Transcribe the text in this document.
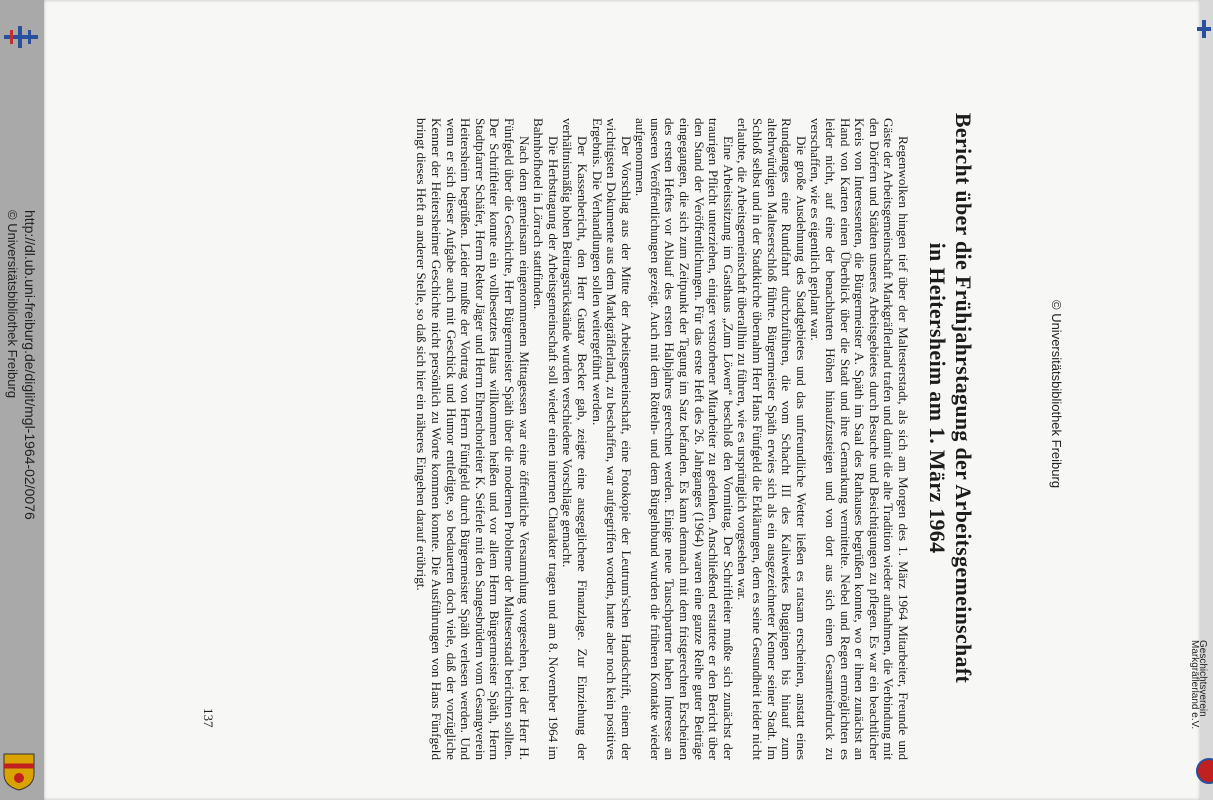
Bericht über die Frühjahrstagung der Arbeitsgemeinschaft
in Heitersheim am 1. März 1964

Regenwolken hingen tief über der Maltesterstadt, als sich am Morgen des 1. März 1964 Mitarbeiter, Freunde und Gäste der Arbeitsgemeinschaft Markgräflerland trafen und damit die alte Tradition wieder aufnahmen, die Verbindung mit den Dörfern und Städten unseres Arbeitsgebietes durch Besuche und Besichtigungen zu pflegen. Es war ein beachtlicher Kreis von Interessenten, die Bürgermeister A. Späth im Saal des Rathauses begrüßen konnte, wo er ihnen zunächst an Hand von Karten einen Überblick über die Stadt und ihre Gemarkung vermittelte. Nebel und Regen ermöglichten es leider nicht, auf eine der benachbarten Höhen hinaufzusteigen und von dort aus sich einen Gesamteindruck zu verschaffen, wie es eigentlich geplant war.

Die große Ausdehnung des Stadtgebietes und das unfreundliche Wetter ließen es ratsam erscheinen, anstatt eines Rundganges eine Rundfahrt durchzuführen, die vom Schacht III des Kaliwerkes Buggingen bis hinauf zum altehrwürdigen Malteserschloß führte. Bürgermeister Späth erwies sich als ein ausgezeichneter Kenner seiner Stadt. Im Schloß selbst und in der Stadtkirche übernahm Herr Hans Fünfgeld die Erklärungen, dem es seine Gesundheit leider nicht erlaubte, die Arbeitsgemeinschaft überallhin zu führen, wie es ursprünglich vorgesehen war.

Eine Arbeitssitzung im Gasthaus „Zum Löwen“ beschloß den Vormittag. Der Schriftleiter mußte sich zunächst der traurigen Pflicht unterziehen, einiger verstorbener Mitarbeiter zu gedenken. Anschließend erstattete er den Bericht über den Stand der Veröffentlichungen. Für das erste Heft des 26. Jahrganges (1964) waren eine ganze Reihe guter Beiträge eingegangen, die sich zum Zeitpunkt der Tagung im Satz befanden. Es kann demnach mit dem fristgerechten Erscheinen des ersten Heftes vor Ablauf des ersten Halbjahres gerechnet werden. Einige neue Tauschpartner haben Interesse an unseren Veröffentlichungen gezeigt. Auch mit dem Rötteln- und dem Bürgelnbund wurden die früheren Kontakte wieder aufgenommen.

Der Vorschlag aus der Mitte der Arbeitsgemeinschaft, eine Fotokopie der Leutrum'schen Handschrift, einem der wichtigsten Dokumente aus dem Markgräflerland, zu beschaffen, war aufgegriffen worden, hatte aber noch kein positives Ergebnis. Die Verhandlungen sollen weitergeführt werden.

Der Kassenbericht, den Herr Gustav Becker gab, zeigte eine ausgeglichene Finanzlage. Zur Einziehung der verhältnismäßig hohen Beitragsrückstände wurden verschiedene Vorschläge gemacht.

Die Herbsttagung der Arbeitsgemeinschaft soll wieder einen internen Charakter tragen und am 8. November 1964 im Bahnhofhotel in Lörrach stattfinden.

Nach dem gemeinsam eingenommenen Mittagessen war eine öffentliche Versammlung vorgesehen, bei der Herr H. Fünfgeld über die Geschichte, Herr Bürgermeister Späth über die modernen Probleme der Malteserstadt berichten sollten. Der Schriftleiter konnte ein vollbesetztes Haus willkommen heißen und vor allem Herrn Bürgermeister Späth, Herrn Stadtpfarrer Schäfer, Herrn Rektor Jäger und Herrn Ehrenchorleiter K. Seiferle mit den Sangesbrüdern vom Gesangverein Heitersheim begrüßen. Leider mußte der Vortrag von Herrn Fünfgeld durch Bürgermeister Späth verlesen werden. Und wenn er sich dieser Aufgabe auch mit Geschick und Humor entledigte, so bedauerten doch viele, daß der vorzügliche Kenner der Heitersheimer Geschichte nicht persönlich zu Worte kommen konnte. Die Ausführungen von Hans Fünfgeld bringt dieses Heft an anderer Stelle, so daß sich hier ein näheres Eingehen darauf erübrigt.

137
© Universitätsbibliothek Freiburg
http://dl.ub.uni-freiburg.de/diglit/mgl-1964-02/0076
© Universitätsbibliothek Freiburg
Geschichtsverein
Markgräflerland e.V.
